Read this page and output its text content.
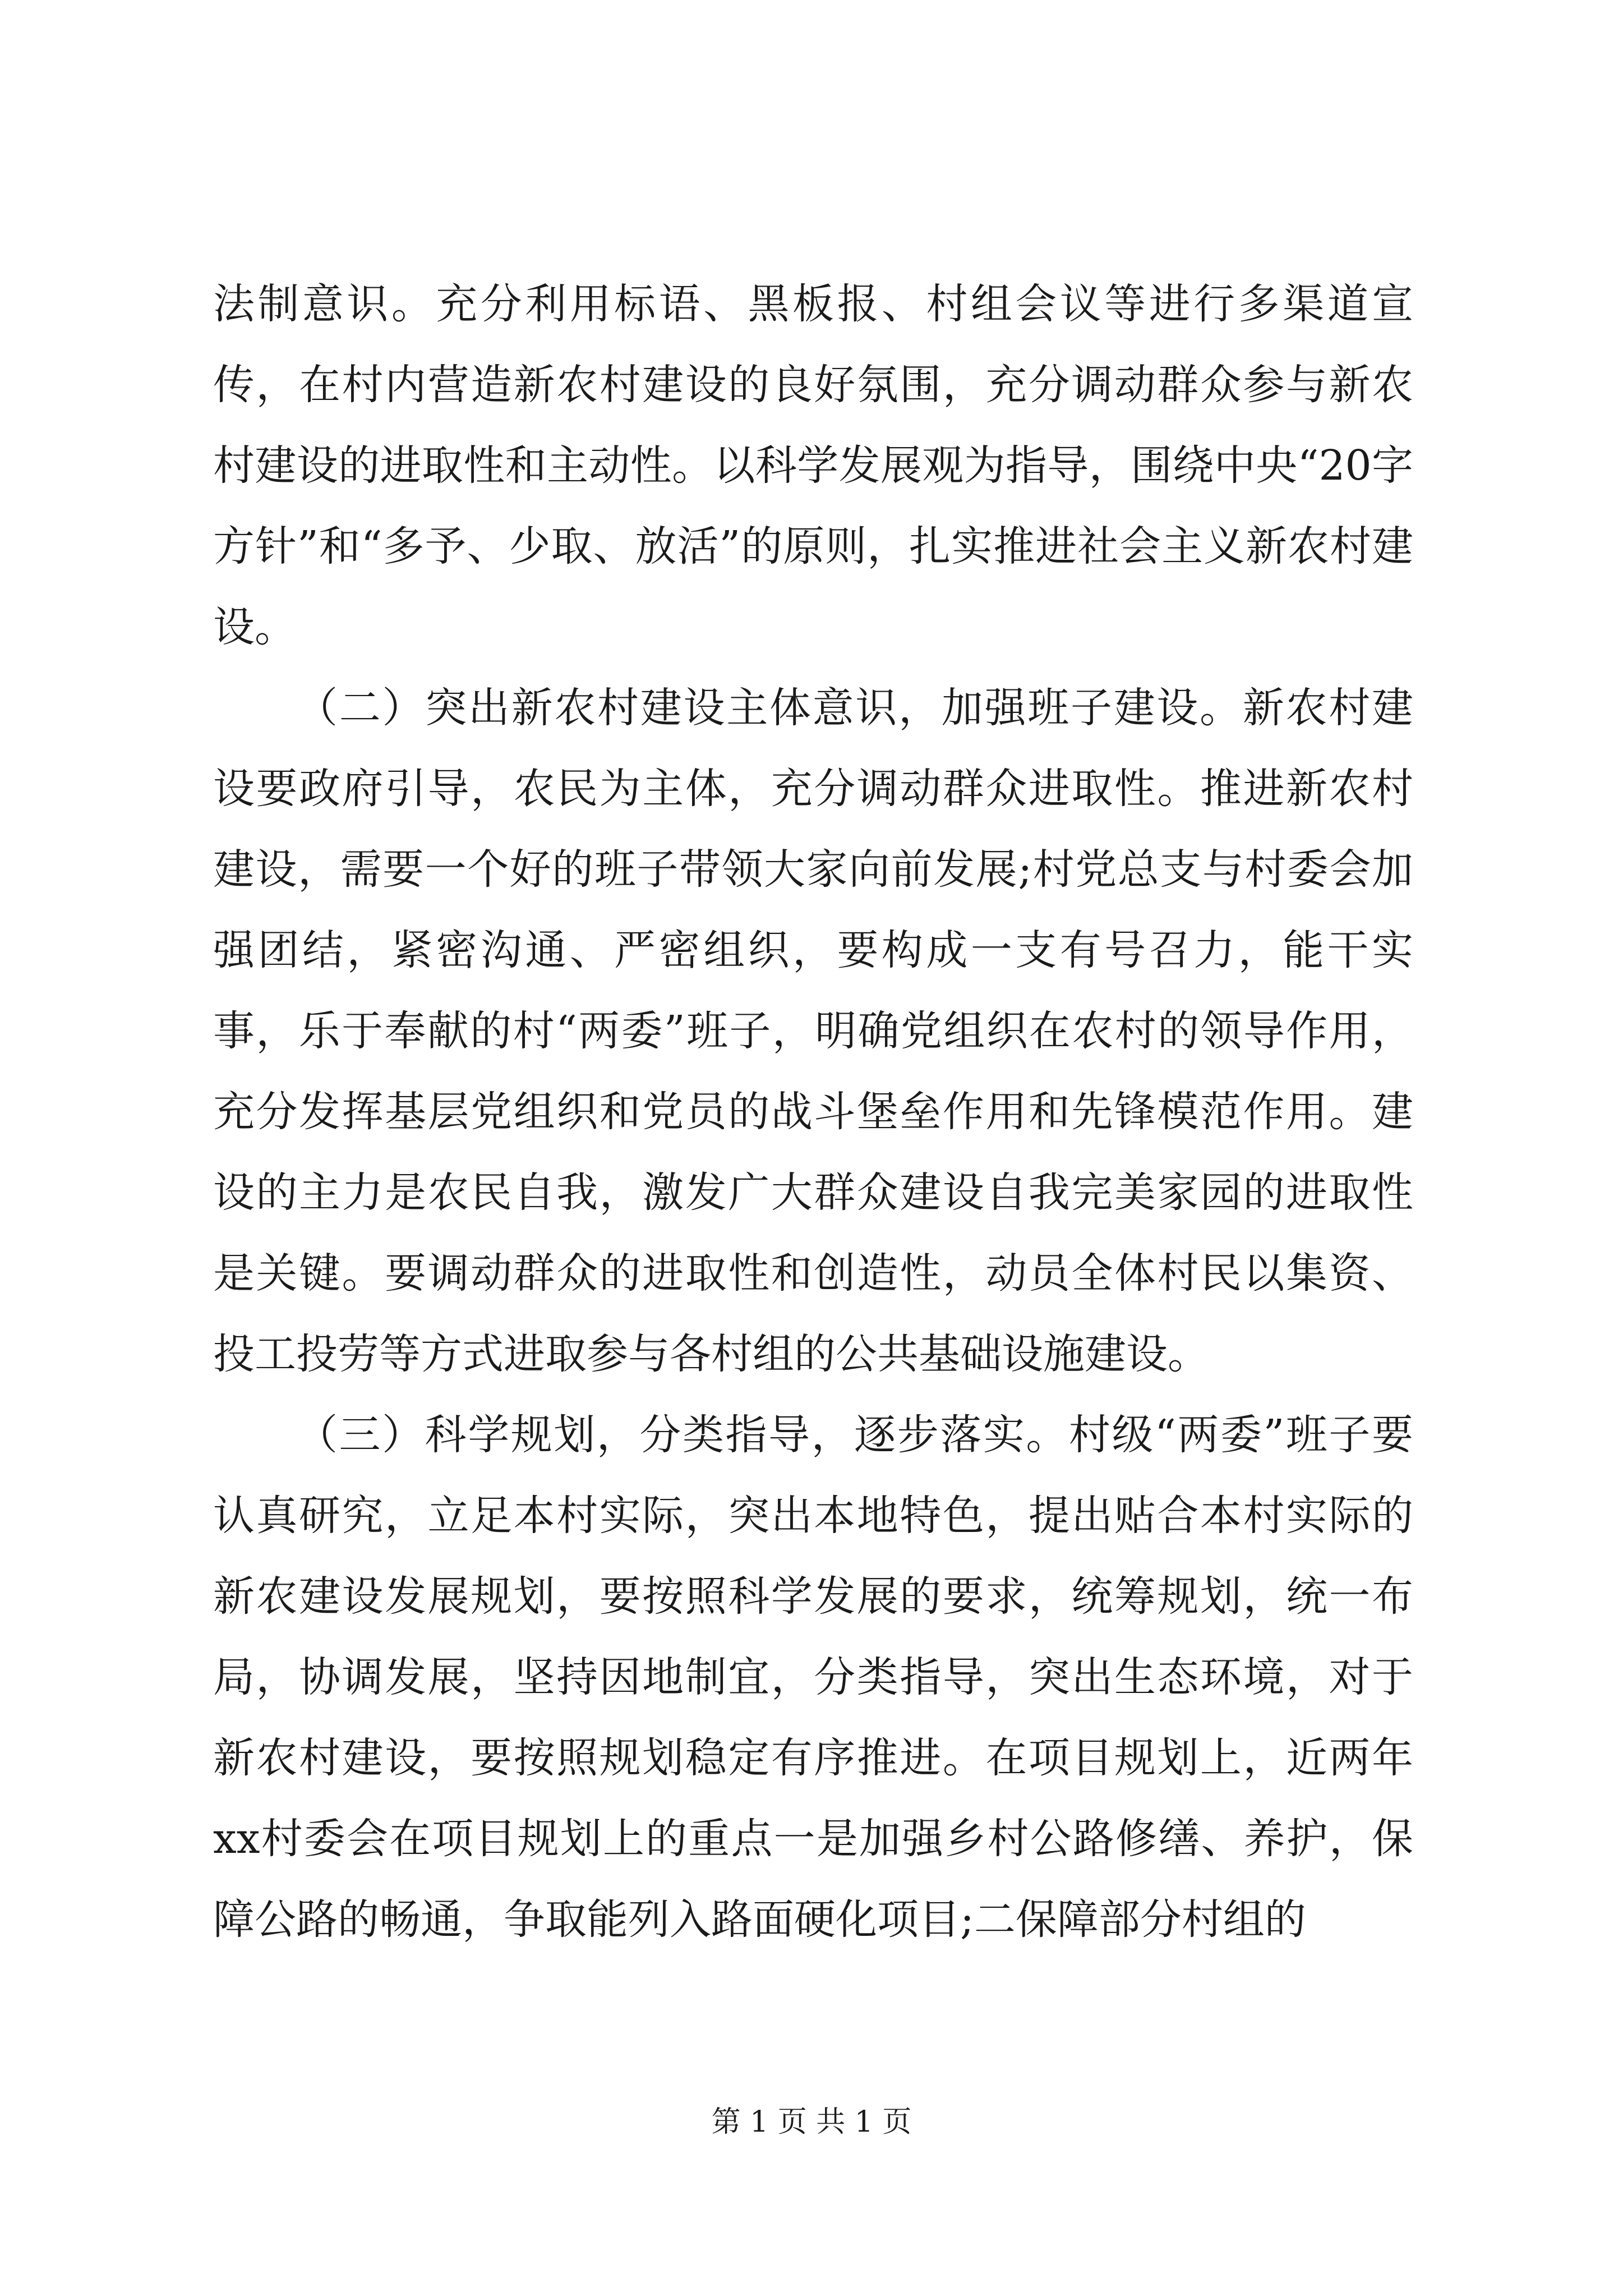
法制意识。充分利用标语、黑板报、村组会议等进行多渠道宣传，在村内营造新农村建设的良好氛围，充分调动群众参与新农村建设的进取性和主动性。以科学发展观为指导，围绕中央“20字方针”和“多予、少取、放活”的原则，扎实推进社会主义新农村建设。

（二）突出新农村建设主体意识，加强班子建设。新农村建设要政府引导，农民为主体，充分调动群众进取性。推进新农村建设，需要一个好的班子带领大家向前发展;村党总支与村委会加强团结，紧密沟通、严密组织，要构成一支有号召力，能干实事，乐于奉献的村“两委”班子，明确党组织在农村的领导作用，充分发挥基层党组织和党员的战斗堡垒作用和先锋模范作用。建设的主力是农民自我，激发广大群众建设自我完美家园的进取性是关键。要调动群众的进取性和创造性，动员全体村民以集资、投工投劳等方式进取参与各村组的公共基础设施建设。

（三）科学规划，分类指导，逐步落实。村级“两委”班子要认真研究，立足本村实际，突出本地特色，提出贴合本村实际的新农建设发展规划，要按照科学发展的要求，统筹规划，统一布局，协调发展，坚持因地制宜，分类指导，突出生态环境，对于新农村建设，要按照规划稳定有序推进。在项目规划上，近两年xx村委会在项目规划上的重点一是加强乡村公路修缮、养护，保障公路的畅通，争取能列入路面硬化项目;二保障部分村组的

第 1 页 共 1 页
